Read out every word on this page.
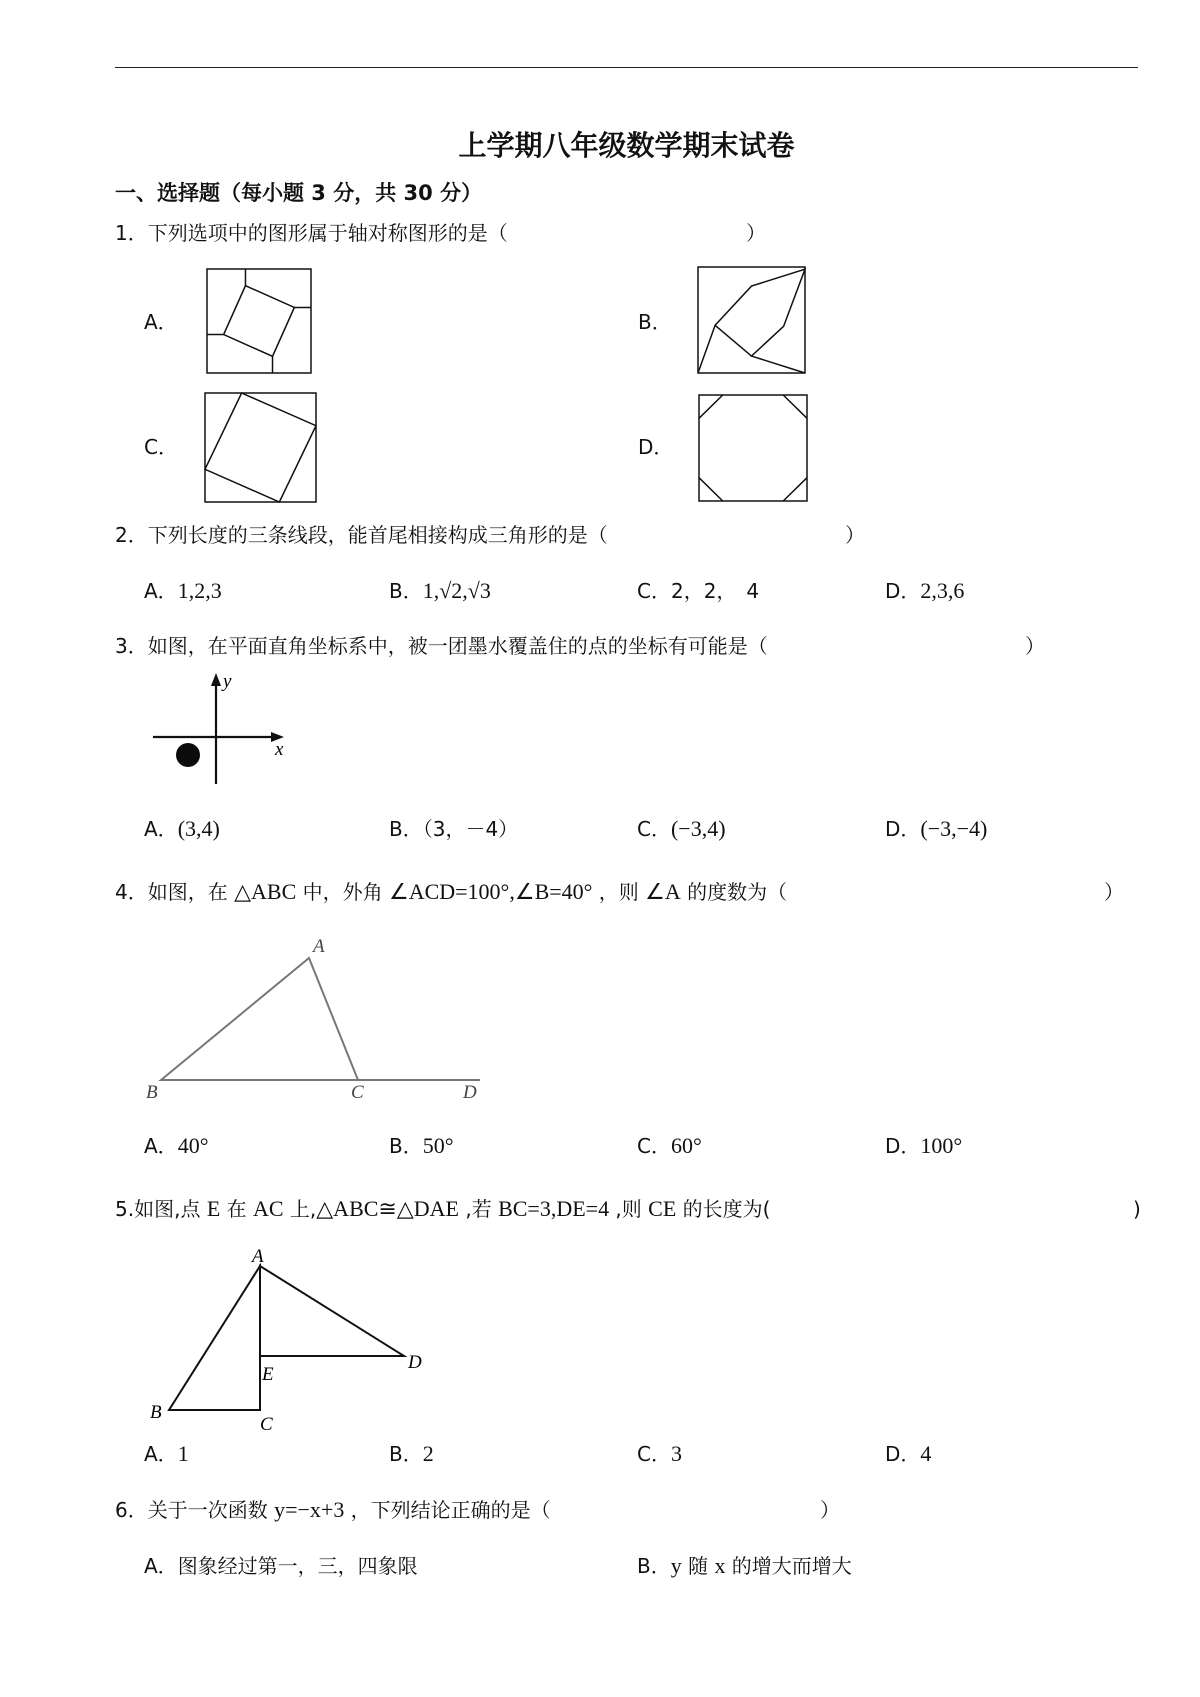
上学期八年级数学期末试卷
一、选择题（每小题 3 分，共 30 分）
1．下列选项中的图形属于轴对称图形的是（	）
A．	B．
C．	D．
2．下列长度的三条线段，能首尾相接构成三角形的是（	）
A．1,2,3	B．1,√2,√3	C．2，2，　4	D．2,3,6
3．如图，在平面直角坐标系中，被一团墨水覆盖住的点的坐标有可能是（	）
y
x
A．(3,4)	B．（3，－4）	C．(−3,4)	D．(−3,−4)
4．如图，在 △ABC 中，外角 ∠ACD=100°,∠B=40° ，则 ∠A 的度数为（	）
A
B	C	D
A．40°	B．50°	C．60°	D．100°
5.如图,点 E 在 AC 上,△ABC≅△DAE ,若 BC=3,DE=4 ,则 CE 的长度为(	)
A
B
C
E
D
A．1	B．2	C．3	D．4
6．关于一次函数 y=−x+3 ，下列结论正确的是（	）
A．图象经过第一，三，四象限	B．y 随 x 的增大而增大
